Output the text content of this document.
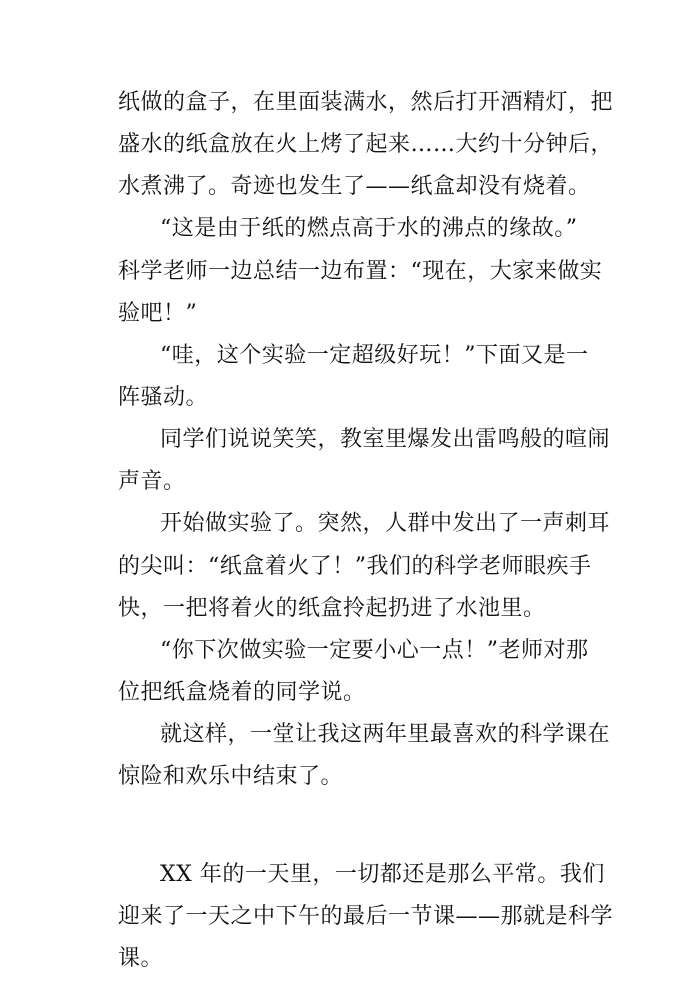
纸做的盒子，在里面装满水，然后打开酒精灯，把
盛水的纸盒放在火上烤了起来……大约十分钟后，
水煮沸了。奇迹也发生了——纸盒却没有烧着。
“这是由于纸的燃点高于水的沸点的缘故。”
科学老师一边总结一边布置：“现在，大家来做实
验吧！”
“哇，这个实验一定超级好玩！”下面又是一
阵骚动。
同学们说说笑笑，教室里爆发出雷鸣般的喧闹
声音。
开始做实验了。突然，人群中发出了一声刺耳
的尖叫：“纸盒着火了！”我们的科学老师眼疾手
快，一把将着火的纸盒拎起扔进了水池里。
“你下次做实验一定要小心一点！”老师对那
位把纸盒烧着的同学说。
就这样，一堂让我这两年里最喜欢的科学课在
惊险和欢乐中结束了。
XX 年的一天里，一切都还是那么平常。我们
迎来了一天之中下午的最后一节课——那就是科学
课。
